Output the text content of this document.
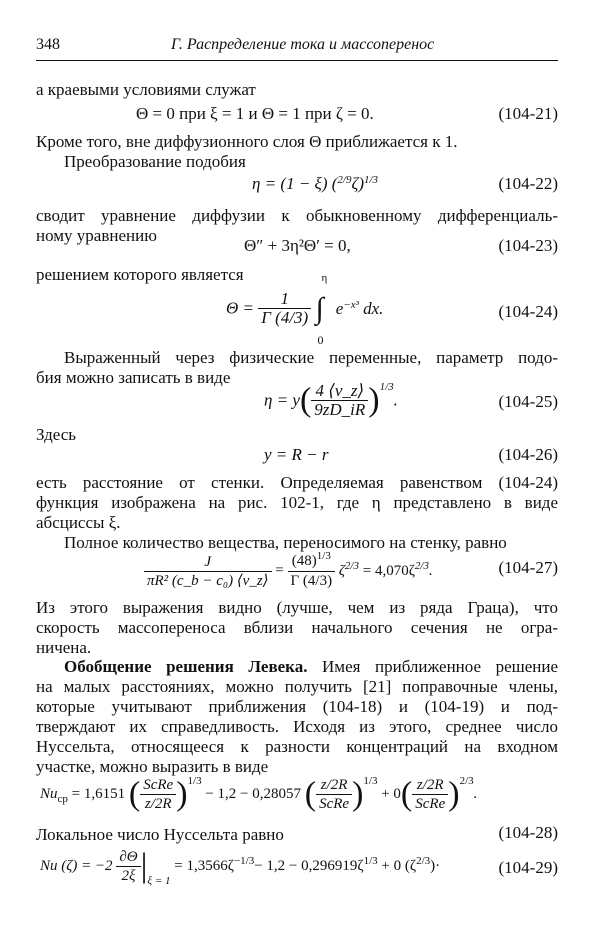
348	Г. Распределение тока и массоперенос
а краевыми условиями служат
Θ = 0 при ξ = 1 и Θ = 1 при ζ = 0.	(104-21)
Кроме того, вне диффузионного слоя Θ приближается к 1.
Преобразование подобия
η = (1 − ξ) $(^{2/9}\zeta)^{1/3}$	(104-22)
сводит уравнение диффузии к обыкновенному дифференциаль-
ному уравнению
Θ″ + 3η²Θ′ = 0,	(104-23)
решением которого является
$\Theta = \frac{1}{\Gamma (4/3)}$ ∫
η
0
$e^{-x^3}$ dx.	(104-24)
Выраженный через физические переменные, параметр подо-
бия можно записать в виде
$\eta = y( \frac{4 ⟨v\_z⟩}{9zD\_iR} )^{1/3}$.	(104-25)
Здесь
y = R − r	(104-26)
есть расстояние от стенки. Определяемая равенством (104-24)
функция изображена на рис. 102-1, где η представлено в виде
абсциссы ξ.
Полное количество вещества, переносимого на стенку, равно
$\frac{J}{\text{πR² (c\_b − c₀) ⟨v\_z⟩}} = \frac{(48)^{1/3}}{\Gamma (4/3)} \zeta^{2/3} = 4,070\zeta^{2/3}$.	(104-27)
Из этого выражения видно (лучше, чем из ряда Граца), что
скорость массопереноса вблизи начального сечения не огра-
ничена.
Обобщение решения Левека. Имея приближенное решение
на малых расстояниях, можно получить [21] поправочные члены,
которые учитывают приближения (104-18) и (104-19) и под-
тверждают их справедливость. Исходя из этого, среднее число
Нуссельта, относящееся к разности концентраций на входном
участке, можно выразить в виде
$Nu_{ср} = 1,6151$ ( $\frac{\text{ScRe}}{z/2R} )^{1/3} - 1,2 - 0,28057$ ( $\frac{z/2R}{\text{ScRe}} )^{1/3} + 0( \frac{z/2R}{\text{ScRe}} )^{2/3}$.
(104-28)
Локальное число Нуссельта равно
Nu $(\zeta) = -2 \frac{\partial\Theta}{2\xi} |_{\xi = 1} = 1,3566\zeta^{-1/3}- 1,2 - 0,296919\zeta^{1/3} + 0$ $(\zeta^{2/3})\cdot$	(104-29)
